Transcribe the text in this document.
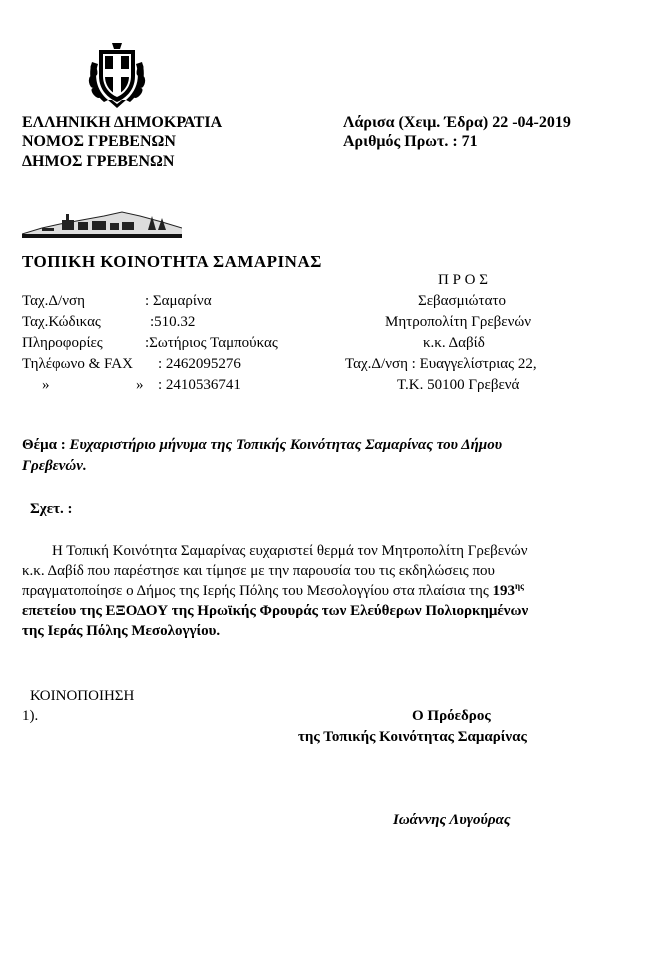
ΕΛΛΗΝΙΚΗ ΔΗΜΟΚΡΑΤΙΑ
ΝΟΜΟΣ ΓΡΕΒΕΝΩΝ
ΔΗΜΟΣ ΓΡΕΒΕΝΩΝ
Λάρισα (Χειμ. Έδρα) 22 -04-2019
Αριθμός Πρωτ. : 71
ΤΟΠΙΚΗ ΚΟΙΝΟΤΗΤΑ ΣΑΜΑΡΙΝΑΣ
Ταχ.Δ/νση	: Σαμαρίνα
Ταχ.Κώδικας	:510.32
Πληροφορίες	:Σωτήριος Ταμπούκας
Τηλέφωνο & FAX : 2462095276
»	» : 2410536741
Π Ρ Ο Σ
Σεβασμιώτατο
Μητροπολίτη Γρεβενών
κ.κ. Δαβίδ
Ταχ.Δ/νση : Ευαγγελίστριας 22,
Τ.Κ. 50100 Γρεβενά
Θέμα : Ευχαριστήριο μήνυμα της Τοπικής Κοινότητας Σαμαρίνας του Δήμου
Γρεβενών.
Σχετ. :
Η Τοπική Κοινότητα Σαμαρίνας ευχαριστεί θερμά τον Μητροπολίτη Γρεβενών
κ.κ. Δαβίδ που παρέστησε και τίμησε με την παρουσία του τις εκδηλώσεις που
πραγματοποίησε ο Δήμος της Ιερής Πόλης του Μεσολογγίου στα πλαίσια της $193^{\eta\varsigma}$
επετείου της ΕΞΟΔΟΥ της Ηρωϊκής Φρουράς των Ελεύθερων Πολιορκημένων
της Ιεράς Πόλης Μεσολογγίου.
ΚΟΙΝΟΠΟΙΗΣΗ
1).	Ο Πρόεδρος
της Τοπικής Κοινότητας Σαμαρίνας
Ιωάννης Λυγούρας
